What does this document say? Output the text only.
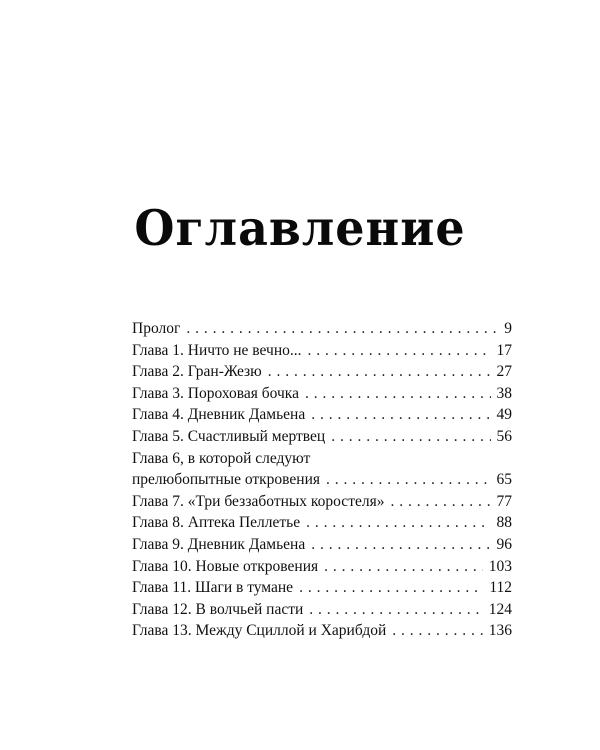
Оглавление
Пролог . . .	9
Глава 1. Ничто не вечно... . . .	17
Глава 2. Гран-Жезю . . .	27
Глава 3. Пороховая бочка . . .	38
Глава 4. Дневник Дамьена . . .	49
Глава 5. Счастливый мертвец . . .	56
Глава 6, в которой следуют
прелюбопытные откровения . . .	65
Глава 7. «Три беззаботных коростеля» . . .	77
Глава 8. Аптека Пеллетье . . .	88
Глава 9. Дневник Дамьена . . .	96
Глава 10. Новые откровения . . .	103
Глава 11. Шаги в тумане . . .	112
Глава 12. В волчьей пасти . . .	124
Глава 13. Между Сциллой и Харибдой . . .	136
